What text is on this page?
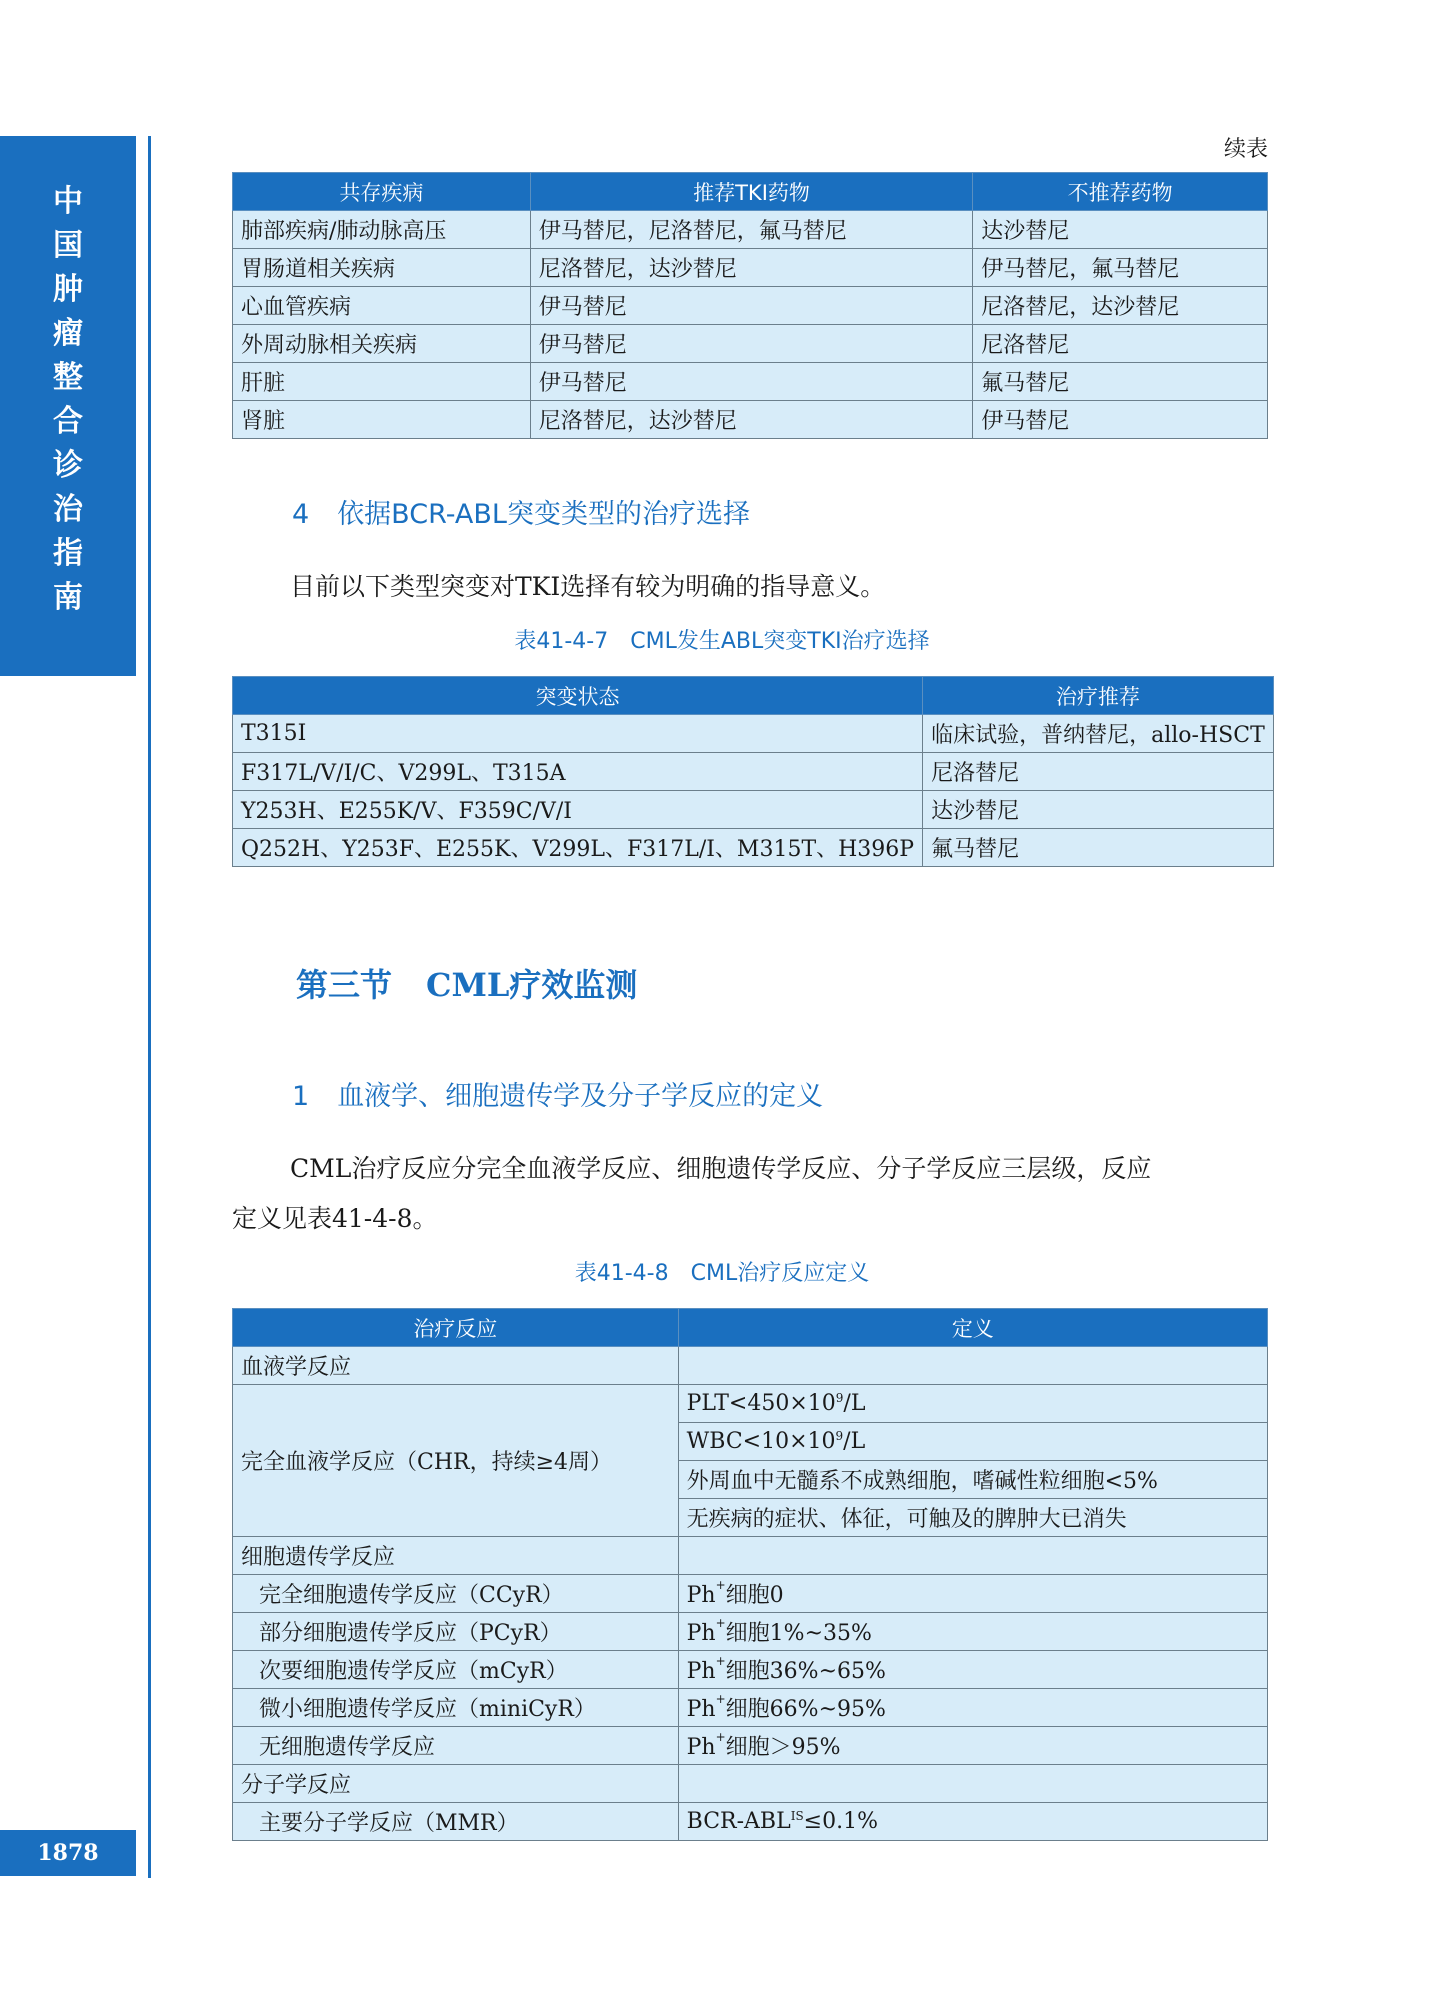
中
国
肿
瘤
整
合
诊
治
指
南
1878
续表
共存疾病	推荐TKI药物	不推荐药物
肺部疾病/肺动脉高压	伊马替尼，尼洛替尼，氟马替尼	达沙替尼
胃肠道相关疾病	尼洛替尼，达沙替尼	伊马替尼，氟马替尼
心血管疾病	伊马替尼	尼洛替尼，达沙替尼
外周动脉相关疾病	伊马替尼	尼洛替尼
肝脏	伊马替尼	氟马替尼
肾脏	尼洛替尼，达沙替尼	伊马替尼
4 依据BCR-ABL突变类型的治疗选择
目前以下类型突变对TKI选择有较为明确的指导意义。
表41-4-7 CML发生ABL突变TKI治疗选择
突变状态	治疗推荐
T315I	临床试验，普纳替尼，allo-HSCT
F317L/V/I/C、V299L、T315A	尼洛替尼
Y253H、E255K/V、F359C/V/I	达沙替尼
Q252H、Y253F、E255K、V299L、F317L/I、M315T、H396P	氟马替尼
第三节 CML疗效监测
1 血液学、细胞遗传学及分子学反应的定义
CML治疗反应分完全血液学反应、细胞遗传学反应、分子学反应三层级，反应
定义见表41-4-8。
表41-4-8 CML治疗反应定义
治疗反应	定义
血液学反应	
完全血液学反应（CHR，持续≥4周）	$PLT<450\times 10^9/L$
	$WBC<10\times 10^9/L$
	外周血中无髓系不成熟细胞，嗜碱性粒细胞<5%
	无疾病的症状、体征，可触及的脾肿大已消失
细胞遗传学反应	
完全细胞遗传学反应（CCyR）	Ph+细胞0
部分细胞遗传学反应（PCyR）	Ph+细胞1%~35%
次要细胞遗传学反应（mCyR）	Ph+细胞36%~65%
微小细胞遗传学反应（miniCyR）	Ph+细胞66%~95%
无细胞遗传学反应	Ph+细胞＞95%
分子学反应	
主要分子学反应（MMR）	BCR-$ABL^{IS}\le 0.1\%$
